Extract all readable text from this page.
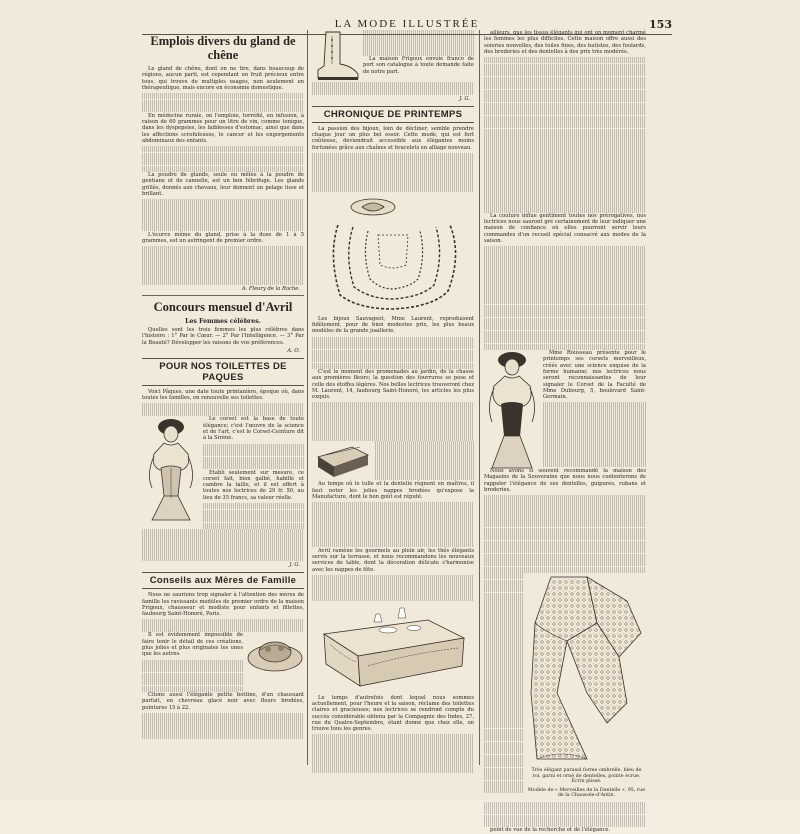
LA MODE ILLUSTRÉE	153
Emplois divers du gland de chêne

Le gland de chêne, dont on ne tire, dans beaucoup de régions, aucun parti, est cependant un fruit précieux entre tous, qui trouve de multiples usages, non seulement en thérapeutique, mais encore en économie domestique.

En médecine rurale, on l'emploie, torréfié, en infusion, à raison de 60 grammes pour un litre de vin, comme tonique, dans les dyspepsies, les faiblesses d'estomac, ainsi que dans les affections scrofuleuses, le cancer et les engorgements abdominaux des enfants.

La poudre de glands, seule ou mêlée à la poudre de gentiane et de cannelle, est un bon fébrifuge. Les glands grillés, donnés aux chevaux, leur donnent un pelage lisse et brillant.

L'écorce même du gland, prise à la dose de 1 à 5 grammes, est un astringent de premier ordre.

A. Fleury de la Roche.
Concours mensuel d'Avril
Les Femmes célèbres.

Quelles sont les trois femmes les plus célèbres dans l'histoire : 1° Par le Cœur. — 2° Par l'Intelligence. — 3° Par la Beauté? Développer les raisons de vos préférences.

A. O.
POUR NOS TOILETTES DE PAQUES

Voici Pâques, une date toute printanière, époque où, dans toutes les familles, on renouvelle ses toilettes.

Le corset est la base de toute élégance; c'est l'œuvre de la science et de l'art, c'est le Corset-Ceinture dit à la Sirène.

Etabli seulement sur mesure, ce corset fait, bien galbé, habille et cambre la taille, et il est offert à toutes nos lectrices de 29 fr. 50, au lieu de 35 francs, sa valeur réelle.

J. G.
Conseils aux Mères de Famille

Nous ne saurions trop signaler à l'attention des mères de famille les ravissants modèles de premier ordre de la maison Frigoux, chausseur et modiste pour enfants et fillettes, faubourg Saint-Honoré, Paris.

Il est évidemment impossible de faire tenir le détail de ces créations, plus jolies et plus originales les unes que les autres.

Citons aussi l'élégante petite bottine, d'un chaussant parfait, en chevreau glacé noir avec fleurs brodées, pointures 15 à 22.

La maison Frigoux envoie franco de port son catalogue à toute demande faite de notre part.

J. G.
CHRONIQUE DE PRINTEMPS

La passion des bijoux, loin de décliner, semble prendre chaque jour un plus bel essor. Cette mode, qui est fort coûteuse, deviendrait accessible aux élégantes moins fortunées grâce aux chaînes et bracelets en alliage nouveau.

Les bijoux Sauvageot, Mme Laurent, reproduisent fidèlement, pour de bien modestes prix, les plus beaux modèles de la grande joaillerie.

C'est le moment des promenades au jardin, de la chasse aux premières fleurs; la question des fourrures se pose et celle des étoffes légères. Nos belles lectrices trouveront chez M. Laurent, 14, faubourg Saint-Honoré, les articles les plus exquis.

Au temps où le tulle et la dentelle règnent en maîtres, il faut noter les jolies nappes brodées qu'expose la Manufacture, dont le bon goût est réputé.

Avril ramène les gourmets au plein air, les thés élégants servis sur la terrasse, et nous recommandons les nouveaux services de table, dont la décoration délicate s'harmonise avec les nappes de fête.

Le temps d'autrefois dont lequel nous sommes actuellement, pour l'heure et la saison, réclame des toilettes claires et gracieuses; nos lectrices se rendront compte du succès considérable obtenu par la Compagnie des Indes, 27, rue du Quatre-Septembre, étant donné que chez elle, on trouve tous les genres.

ailleurs, que les tissus élégants qui ont un moment charmé les femmes les plus difficiles. Cette maison offre aussi des soieries nouvelles, des toiles fines, des batistes, des foulards, des broderies et des dentelles à des prix très modérés.

La couture influe gentiment toutes nos prérogatives, nos lectrices nous sauront gré certainement de leur indiquer une maison de confiance où elles pourront servir leurs commandes d'un recueil spécial consacré aux modes de la saison.

Mme Rousseau présente pour le printemps ses corsets merveilleux, créés avec une science exquise de la forme humaine; nos lectrices nous seront reconnaissantes de leur signaler le Corset de la Faculté de Mme Dubourg, 5, boulevard Saint-Germain.

Nous avons si souvent recommandé la maison des Magasins de la Souveraine que nous nous contenterons de rappeler l'élégance de ses dentelles, guipures, rubans et broderies.

Très élégant parasol forme ombrelle, bleu de roi, garni et orné de dentelles, pointe écrue. Écrin plissé.
Modèle de « Merveilles de la Dentelle », 95, rue de la Chaussée-d'Antin.

point de vue de la recherche et de l'élégance.
